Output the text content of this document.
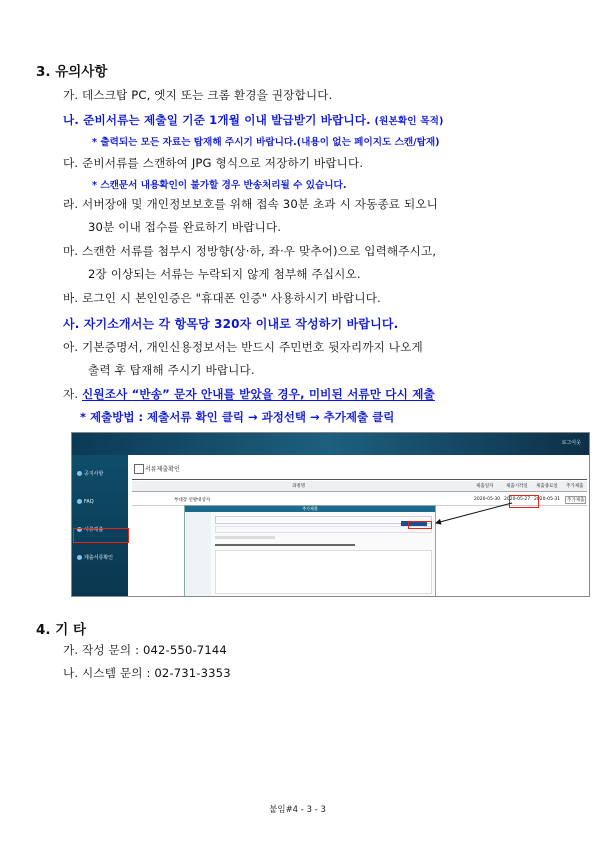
3. 유의사항
가. 데스크탑 PC, 엣지 또는 크롬 환경을 권장합니다.
나. 준비서류는 제출일 기준 1개월 이내 발급받기 바랍니다. (원본확인 목적)
* 출력되는 모든 자료는 탑재해 주시기 바랍니다.(내용이 없는 페이지도 스캔/탑재)
다. 준비서류를 스캔하여 JPG 형식으로 저장하기 바랍니다.
* 스캔문서 내용확인이 불가할 경우 반송처리될 수 있습니다.
라. 서버장애 및 개인정보보호를 위해 접속 30분 초과 시 자동종료 되오니
30분 이내 접수를 완료하기 바랍니다.
마. 스캔한 서류를 첨부시 정방향(상·하, 좌·우 맞추어)으로 입력해주시고,
2장 이상되는 서류는 누락되지 않게 첨부해 주십시오.
바. 로그인 시 본인인증은 "휴대폰 인증" 사용하시기 바랍니다.
사. 자기소개서는 각 항목당 320자 이내로 작성하기 바랍니다.
아. 기본증명서, 개인신용정보서는 반드시 주민번호 뒷자리까지 나오게
출력 후 탑재해 주시기 바랍니다.
자. 신원조사 “반송” 문자 안내를 받았을 경우, 미비된 서류만 다시 제출
* 제출방법 : 제출서류 확인 클릭 → 과정선택 → 추가제출 클릭
로그아웃
공지사항
FAQ
서류제출
제출서류확인
서류제출확인
과정명	제출일자	제출시작일 제출종료일 추가제출
부대장 선발대상자	2020-05-30 2020-05-27 2020-05-31	추가제출
추가제출
4. 기 타
가. 작성 문의 : 042-550-7144
나. 시스템 문의 : 02-731-3353
붙임#4 - 3 - 3
